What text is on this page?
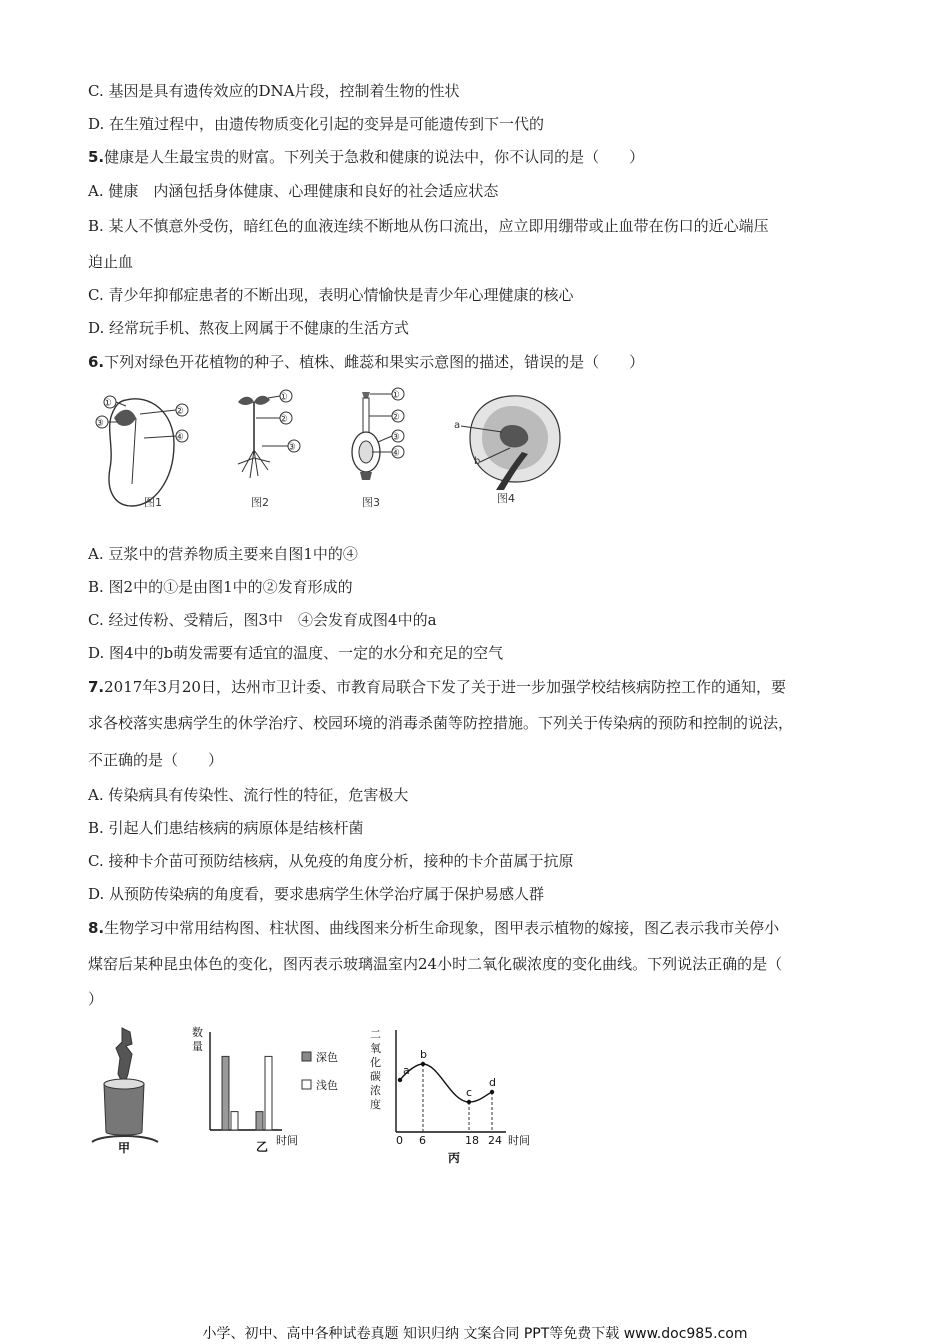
C. 基因是具有遗传效应的DNA片段，控制着生物的性状
D. 在生殖过程中，由遗传物质变化引起的变异是可能遗传到下一代的
5.健康是人生最宝贵的财富。下列关于急救和健康的说法中，你不认同的是（　　）
A. 健康　内涵包括身体健康、心理健康和良好的社会适应状态
B. 某人不慎意外受伤，暗红色的血液连续不断地从伤口流出，应立即用绷带或止血带在伤口的近心端压
迫止血
C. 青少年抑郁症患者的不断出现，表明心情愉快是青少年心理健康的核心
D. 经常玩手机、熬夜上网属于不健康的生活方式
6.下列对绿色开花植物的种子、植株、雌蕊和果实示意图的描述，错误的是（　　）
①
③
②
④
图1
①
②
③
图2
①
②
③
④
图3
a
b
图4
A. 豆浆中的营养物质主要来自图1中的④
B. 图2中的①是由图1中的②发育形成的
C. 经过传粉、受精后，图3中　④会发育成图4中的a
D. 图4中的b萌发需要有适宜的温度、一定的水分和充足的空气
7.2017年3月20日，达州市卫计委、市教育局联合下发了关于进一步加强学校结核病防控工作的通知，要
求各校落实患病学生的休学治疗、校园环境的消毒杀菌等防控措施。下列关于传染病的预防和控制的说法，
不正确的是（　　）
A. 传染病具有传染性、流行性的特征，危害极大
B. 引起人们患结核病的病原体是结核杆菌
C. 接种卡介苗可预防结核病，从免疫的角度分析，接种的卡介苗属于抗原
D. 从预防传染病的角度看，要求患病学生休学治疗属于保护易感人群
8.生物学习中常用结构图、柱状图、曲线图来分析生命现象，图甲表示植物的嫁接，图乙表示我市关停小
煤窑后某种昆虫体色的变化，图丙表示玻璃温室内24小时二氧化碳浓度的变化曲线。下列说法正确的是（
）
甲
数
量
时间
深色
浅色
乙
二
氧
化
碳
浓
度
a
0
b
6
c
18
d
24 时间
丙
小学、初中、高中各种试卷真题 知识归纳 文案合同 PPT等免费下载 www.doc985.com
